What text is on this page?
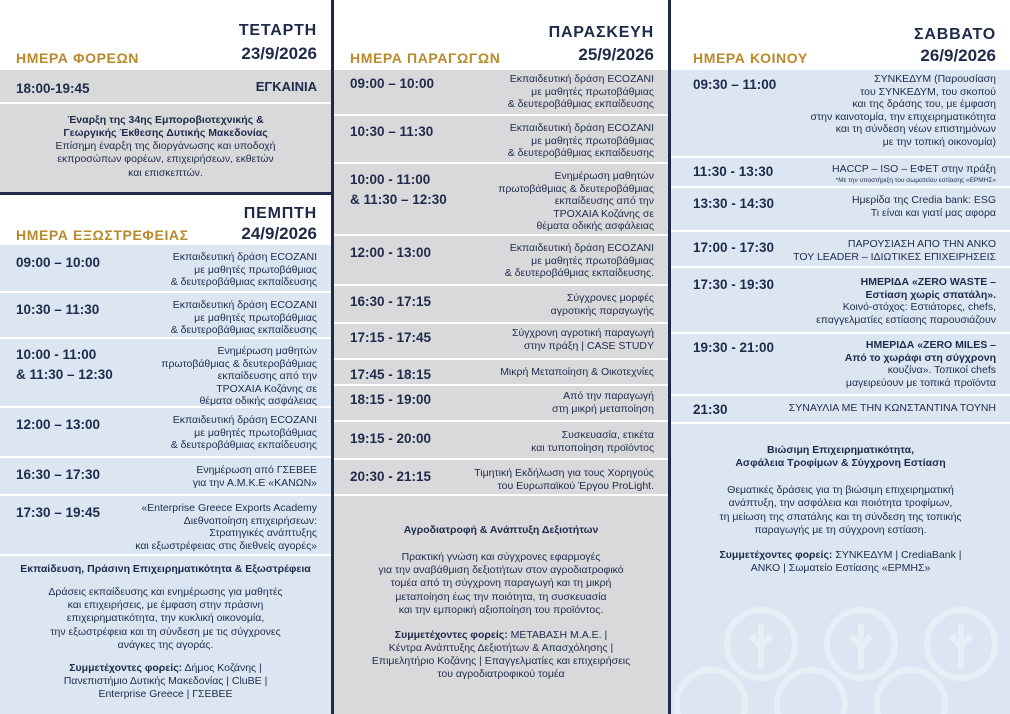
ΤΕΤΑΡΤΗ
23/9/2026
ΗΜΕΡΑ ΦΟΡΕΩΝ
18:00-19:45	ΕΓΚΑΙΝΙΑ
Έναρξη της 34ης Εμποροβιοτεχνικής &
Γεωργικής Έκθεσης Δυτικής Μακεδονίας
Επίσημη έναρξη της διοργάνωσης και υποδοχή
εκπροσώπων φορέων, επιχειρήσεων, εκθετών
και επισκεπτών.
ΠΕΜΠΤΗ
24/9/2026
ΗΜΕΡΑ ΕΞΩΣΤΡΕΦΕΙΑΣ
09:00 – 10:00	Εκπαιδευτική δράση ECOZANI
με μαθητές πρωτοβάθμιας
& δευτεροβάθμιας εκπαίδευσης
10:30 – 11:30	Εκπαιδευτική δράση ECOZANI
με μαθητές πρωτοβάθμιας
& δευτεροβάθμιας εκπαίδευσης
10:00 - 11:00
& 11:30 – 12:30
Ενημέρωση μαθητών
πρωτοβάθμιας & δευτεροβάθμιας
εκπαίδευσης από την
ΤΡΟΧΑΙΑ Κοζάνης σε
θέματα οδικής ασφάλειας
12:00 – 13:00	Εκπαιδευτική δράση ECOZANI
με μαθητές πρωτοβάθμιας
& δευτεροβάθμιας εκπαίδευσης
16:30 – 17:30	Ενημέρωση από ΓΣΕΒΕΕ
για την Α.Μ.Κ.Ε «ΚΑΝΩΝ»
17:30 – 19:45	«Enterprise Greece Exports Academy
Διεθνοποίηση επιχειρήσεων:
Στρατηγικές ανάπτυξης
και εξωστρέφειας στις διεθνείς αγορές»
Εκπαίδευση, Πράσινη Επιχειρηματικότητα & Εξωστρέφεια
Δράσεις εκπαίδευσης και ενημέρωσης για μαθητές
και επιχειρήσεις, με έμφαση στην πράσινη
επιχειρηματικότητα, την κυκλική οικονομία,
την εξωστρέφεια και τη σύνδεση με τις σύγχρονες
ανάγκες της αγοράς.
Συμμετέχοντες φορείς: Δήμος Κοζάνης |
Πανεπιστήμιο Δυτικής Μακεδονίας | CluBE |
Enterprise Greece | ΓΣΕΒΕΕ
ΠΑΡΑΣΚΕΥΗ
25/9/2026
ΗΜΕΡΑ ΠΑΡΑΓΩΓΩΝ
09:00 – 10:00	Εκπαιδευτική δράση ECOZANI
με μαθητές πρωτοβάθμιας
& δευτεροβάθμιας εκπαίδευσης
10:30 – 11:30	Εκπαιδευτική δράση ECOZANI
με μαθητές πρωτοβάθμιας
& δευτεροβάθμιας εκπαίδευσης
10:00 - 11:00
& 11:30 – 12:30
Ενημέρωση μαθητών
πρωτοβάθμιας & δευτεροβάθμιας
εκπαίδευσης από την
ΤΡΟΧΑΙΑ Κοζάνης σε
θέματα οδικής ασφάλειας
12:00 - 13:00	Εκπαιδευτική δράση ECOZANI
με μαθητές πρωτοβάθμιας
& δευτεροβάθμιας εκπαίδευσης.
16:30 - 17:15	Σύγχρονες μορφές
αγροτικής παραγωγής
17:15 - 17:45	Σύγχρονη αγροτική παραγωγή
στην πράξη | CASE STUDY
17:45 - 18:15	Μικρή Μεταποίηση & Οικοτεχνίες
18:15 - 19:00	Από την παραγωγή
στη μικρή μεταποίηση
19:15 - 20:00	Συσκευασία, ετικέτα
και τυποποίηση προϊόντος
20:30 - 21:15	Τιμητική Εκδήλωση για τους Χορηγούς
του Ευρωπαϊκού Έργου ProLight.
Αγροδιατροφή & Ανάπτυξη Δεξιοτήτων
Πρακτική γνώση και σύγχρονες εφαρμογές
για την αναβάθμιση δεξιοτήτων στον αγροδιατροφικό
τομέα από τη σύγχρονη παραγωγή και τη μικρή
μεταποίηση έως την ποιότητα, τη συσκευασία
και την εμπορική αξιοποίηση του προϊόντος.
Συμμετέχοντες φορείς: ΜΕΤΑΒΑΣΗ Μ.Α.Ε. |
Κέντρα Ανάπτυξης Δεξιοτήτων & Απασχόλησης |
Επιμελητήριο Κοζάνης | Επαγγελματίες και επιχειρήσεις
του αγροδιατροφικού τομέα
ΣΑΒΒΑΤΟ
26/9/2026
ΗΜΕΡΑ ΚΟΙΝΟΥ
09:30 – 11:00	ΣΥΝΚΕΔΥΜ (Παρουσίαση
του ΣΥΝΚΕΔΥΜ, του σκοπού
και της δράσης του, με έμφαση
στην καινοτομία, την επιχειρηματικότητα
και τη σύνδεση νέων επιστημόνων
με την τοπική οικονομία)
11:30 - 13:30	HACCP – ISO – ΕΦΕΤ στην πράξη
*Με την υποστήριξη του σωματείου εστίασης «ΕΡΜΗΣ»
13:30 - 14:30	Ημερίδα της Credia bank: ESG
Τι είναι και γιατί μας αφορα
17:00 - 17:30	ΠΑΡΟΥΣΙΑΣΗ ΑΠΟ ΤΗΝ ΑΝΚΟ
ΤΟΥ LEADER – ΙΔΙΩΤΙΚΕΣ ΕΠΙΧΕΙΡΗΣΕΙΣ
17:30 - 19:30	ΗΜΕΡΙΔΑ «ZERO WASTE –
Εστίαση χωρίς σπατάλη».
Κοινό-στόχος: Εστιάτορες, chefs,
επαγγελματίες εστίασης παρουσιάζουν
19:30 - 21:00	ΗΜΕΡΙΔΑ «ZERO MILES –
Από το χωράφι στη σύγχρονη
κουζίνα». Τοπικοί chefs
μαγειρεύουν με τοπικά προϊόντα
21:30	ΣΥΝΑΥΛΙΑ ΜΕ ΤΗΝ ΚΩΝΣΤΑΝΤΙΝΑ ΤΟΥΝΗ
Βιώσιμη Επιχειρηματικότητα,
Ασφάλεια Τροφίμων & Σύγχρονη Εστίαση
Θεματικές δράσεις για τη βιώσιμη επιχειρηματική
ανάπτυξη, την ασφάλεια και ποιότητα τροφίμων,
τη μείωση της σπατάλης και τη σύνδεση της τοπικής
παραγωγής με τη σύγχρονη εστίαση.
Συμμετέχοντες φορείς: ΣΥΝΚΕΔΥΜ | CrediaBank |
ΑΝΚΟ | Σωματείο Εστίασης «ΕΡΜΗΣ»
